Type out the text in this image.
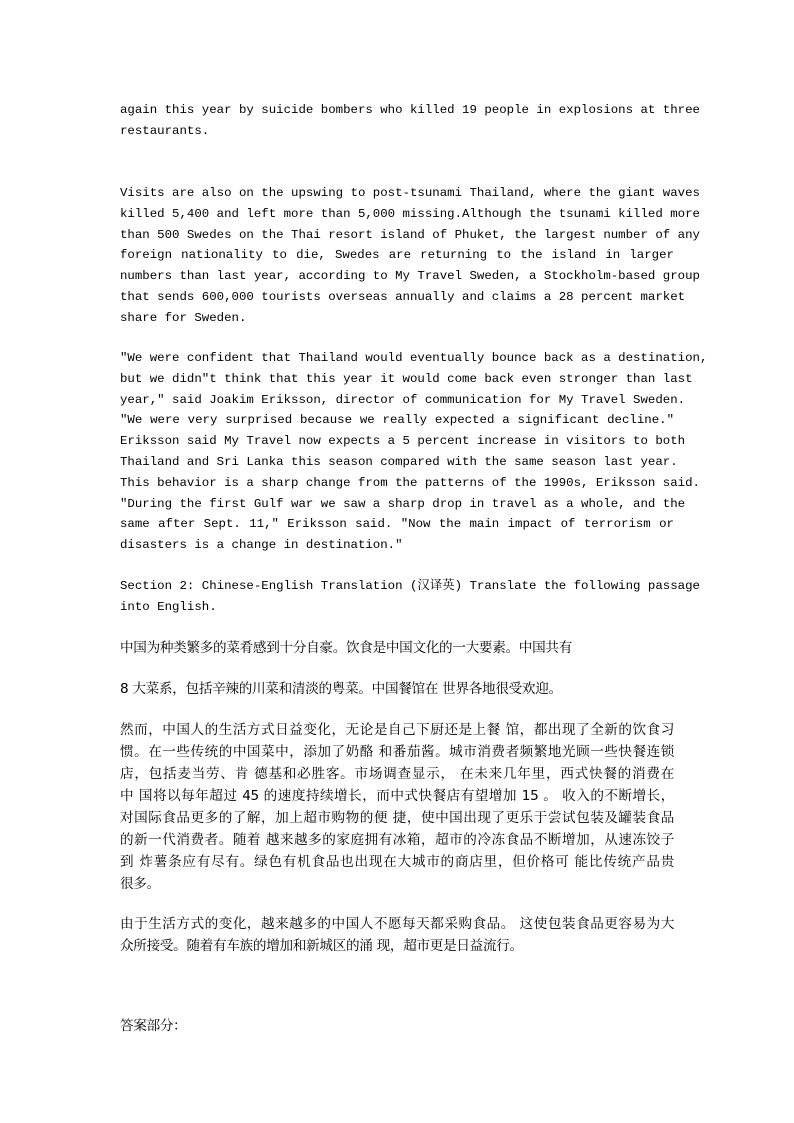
again this year by suicide bombers who killed 19 people in explosions at three
restaurants.
Visits are also on the upswing to post-tsunami Thailand, where the giant waves
killed 5,400 and left more than 5,000 missing.Although the tsunami killed more
than 500 Swedes on the Thai resort island of Phuket, the largest number of any
foreign nationality to die, Swedes are returning to the island in larger
numbers than last year, according to My Travel Sweden, a Stockholm-based group
that sends 600,000 tourists overseas annually and claims a 28 percent market
share for Sweden.
"We were confident that Thailand would eventually bounce back as a destination,
but we didn"t think that this year it would come back even stronger than last
year," said Joakim Eriksson, director of communication for My Travel Sweden.
"We were very surprised because we really expected a significant decline."
Eriksson said My Travel now expects a 5 percent increase in visitors to both
Thailand and Sri Lanka this season compared with the same season last year.
This behavior is a sharp change from the patterns of the 1990s, Eriksson said.
"During the first Gulf war we saw a sharp drop in travel as a whole, and the
same after Sept. 11," Eriksson said. "Now the main impact of terrorism or
disasters is a change in destination."
Section 2: Chinese-English Translation (汉译英) Translate the following passage
into English.
中国为种类繁多的菜肴感到十分自豪。饮食是中国文化的一大要素。中国共有
8 大菜系，包括辛辣的川菜和清淡的粤菜。中国餐馆在 世界各地很受欢迎。
然而，中国人的生活方式日益变化，无论是自己下厨还是上餐 馆，都出现了全新的饮食习
惯。在一些传统的中国菜中，添加了奶酪 和番茄酱。城市消费者频繁地光顾一些快餐连锁
店，包括麦当劳、肯 德基和必胜客。市场调查显示， 在未来几年里，西式快餐的消费在
中 国将以每年超过 45 的速度持续增长，而中式快餐店有望增加 15 。 收入的不断增长，
对国际食品更多的了解，加上超市购物的便 捷，使中国出现了更乐于尝试包装及罐装食品
的新一代消费者。随着 越来越多的家庭拥有冰箱，超市的冷冻食品不断增加，从速冻饺子
到 炸薯条应有尽有。绿色有机食品也出现在大城市的商店里，但价格可 能比传统产品贵
很多。
由于生活方式的变化，越来越多的中国人不愿每天都采购食品。 这使包装食品更容易为大
众所接受。随着有车族的增加和新城区的涌 现，超市更是日益流行。
答案部分：
